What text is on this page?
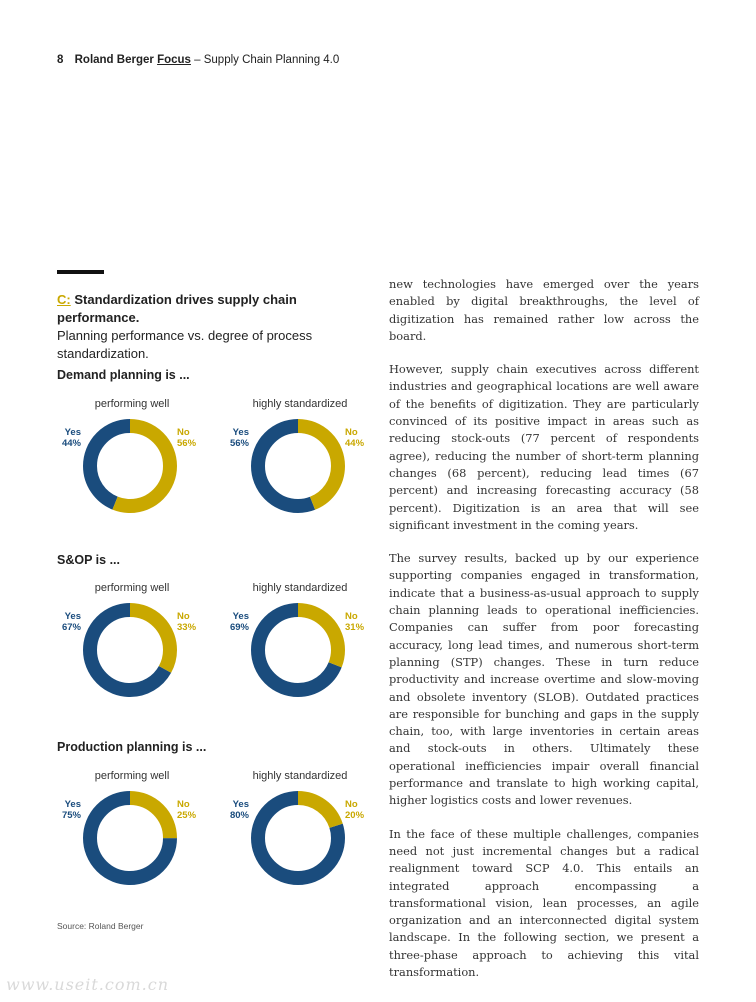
8 Roland Berger Focus – Supply Chain Planning 4.0
C: Standardization drives supply chain performance.
Planning performance vs. degree of process standardization.
Demand planning is ...
S&OP is ...
Production planning is ...
performing well
Yes
44%
No
56%
highly standardized
Yes
56%
No
44%
performing well
Yes
67%
No
33%
highly standardized
Yes
69%
No
31%
performing well
Yes
75%
No
25%
highly standardized
Yes
80%
No
20%
Source: Roland Berger

new technologies have emerged over the years enabled by digital breakthroughs, the level of digitization has remained rather low across the board.

However, supply chain executives across different industries and geographical locations are well aware of the benefits of digitization. They are particularly convinced of its positive impact in areas such as reducing stock-outs (77 percent of respondents agree), reducing the number of short-term planning changes (68 percent), reducing lead times (67 percent) and increasing forecasting accuracy (58 percent). Digitization is an area that will see significant investment in the coming years.

The survey results, backed up by our experience supporting companies engaged in transformation, indicate that a business-as-usual approach to supply chain planning leads to operational inefficiencies. Companies can suffer from poor forecasting accuracy, long lead times, and numerous short-term planning (STP) changes. These in turn reduce productivity and increase overtime and slow-moving and obsolete inventory (SLOB). Outdated practices are responsible for bunching and gaps in the supply chain, too, with large inventories in certain areas and stock-outs in others. Ultimately these operational inefficiencies impair overall financial performance and translate to high working capital, higher logistics costs and lower revenues.

In the face of these multiple challenges, companies need not just incremental changes but a radical realignment toward SCP 4.0. This entails an integrated approach encompassing a transformational vision, lean processes, an agile organization and an interconnected digital system landscape. In the following section, we present a three-phase approach to achieving this vital transformation.

www.useit.com.cn
